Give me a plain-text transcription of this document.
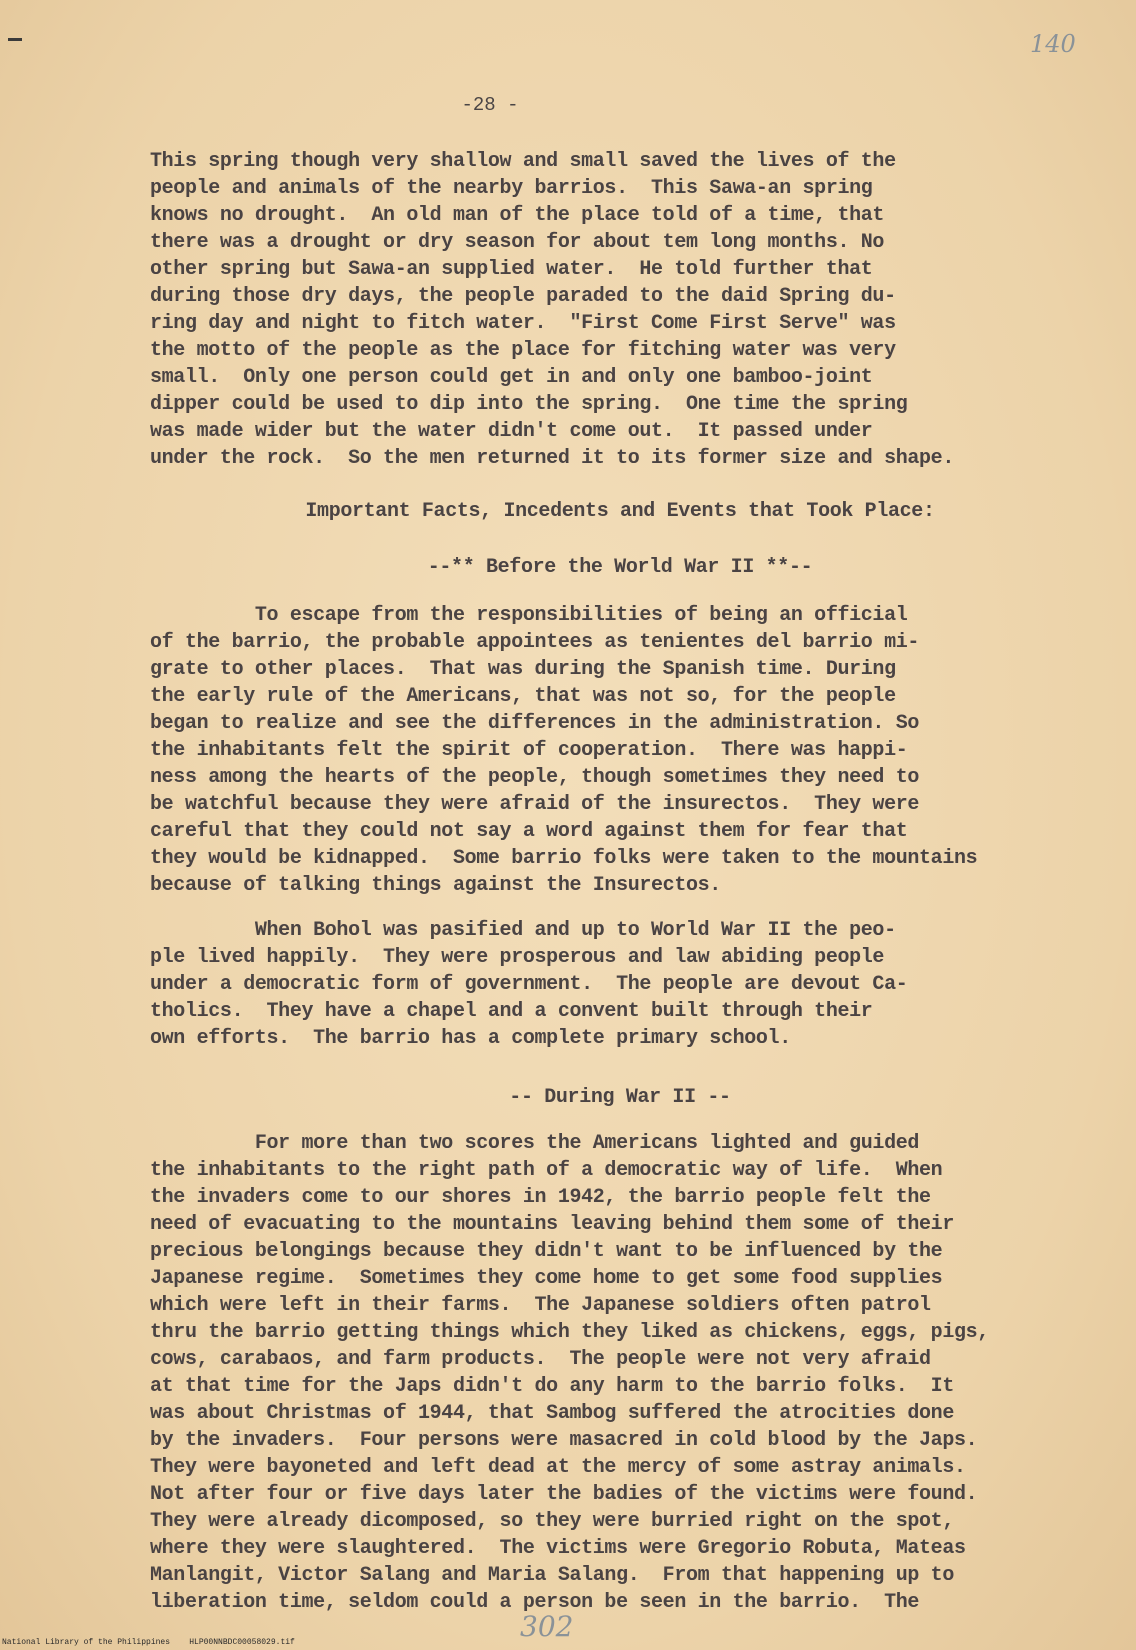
140
-28 -
This spring though very shallow and small saved the lives of the
people and animals of the nearby barrios.  This Sawa-an spring
knows no drought.  An old man of the place told of a time, that
there was a drought or dry season for about tem long months. No
other spring but Sawa-an supplied water.  He told further that
during those dry days, the people paraded to the daid Spring du-
ring day and night to fitch water.  "First Come First Serve" was
the motto of the people as the place for fitching water was very
small.  Only one person could get in and only one bamboo-joint
dipper could be used to dip into the spring.  One time the spring
was made wider but the water didn't come out.  It passed under
under the rock.  So the men returned it to its former size and shape.
Important Facts, Incedents and Events that Took Place:
--** Before the World War II **--
To escape from the responsibilities of being an official
of the barrio, the probable appointees as tenientes del barrio mi-
grate to other places.  That was during the Spanish time. During
the early rule of the Americans, that was not so, for the people
began to realize and see the differences in the administration. So
the inhabitants felt the spirit of cooperation.  There was happi-
ness among the hearts of the people, though sometimes they need to
be watchful because they were afraid of the insurectos.  They were
careful that they could not say a word against them for fear that
they would be kidnapped.  Some barrio folks were taken to the mountains
because of talking things against the Insurectos.
When Bohol was pasified and up to World War II the peo-
ple lived happily.  They were prosperous and law abiding people
under a democratic form of government.  The people are devout Ca-
tholics.  They have a chapel and a convent built through their
own efforts.  The barrio has a complete primary school.
-- During War II --
For more than two scores the Americans lighted and guided
the inhabitants to the right path of a democratic way of life.  When
the invaders come to our shores in 1942, the barrio people felt the
need of evacuating to the mountains leaving behind them some of their
precious belongings because they didn't want to be influenced by the
Japanese regime.  Sometimes they come home to get some food supplies
which were left in their farms.  The Japanese soldiers often patrol
thru the barrio getting things which they liked as chickens, eggs, pigs,
cows, carabaos, and farm products.  The people were not very afraid
at that time for the Japs didn't do any harm to the barrio folks.  It
was about Christmas of 1944, that Sambog suffered the atrocities done
by the invaders.  Four persons were masacred in cold blood by the Japs.
They were bayoneted and left dead at the mercy of some astray animals.
Not after four or five days later the badies of the victims were found.
They were already dicomposed, so they were burried right on the spot,
where they were slaughtered.  The victims were Gregorio Robuta, Mateas
Manlangit, Victor Salang and Maria Salang.  From that happening up to
liberation time, seldom could a person be seen in the barrio.  The
302
National Library of the Philippines    HLP00NNBDC00058029.tif
